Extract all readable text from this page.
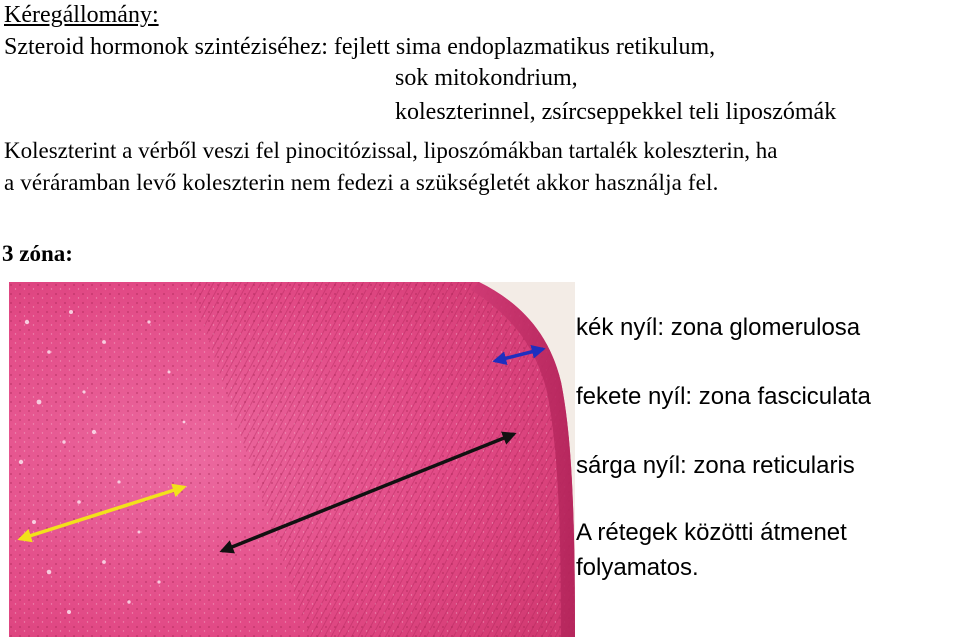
Kéregállomány:
Szteroid hormonok szintéziséhez: fejlett sima endoplazmatikus retikulum,
sok mitokondrium,
koleszterinnel, zsírcseppekkel teli liposzómák
Koleszterint a vérből veszi fel pinocitózissal, liposzómákban tartalék koleszterin, ha
a véráramban levő koleszterin nem fedezi a szükségletét akkor használja fel.
3 zóna:
kék nyíl: zona glomerulosa
fekete nyíl: zona fasciculata
sárga nyíl: zona reticularis
A rétegek közötti átmenet
folyamatos.
